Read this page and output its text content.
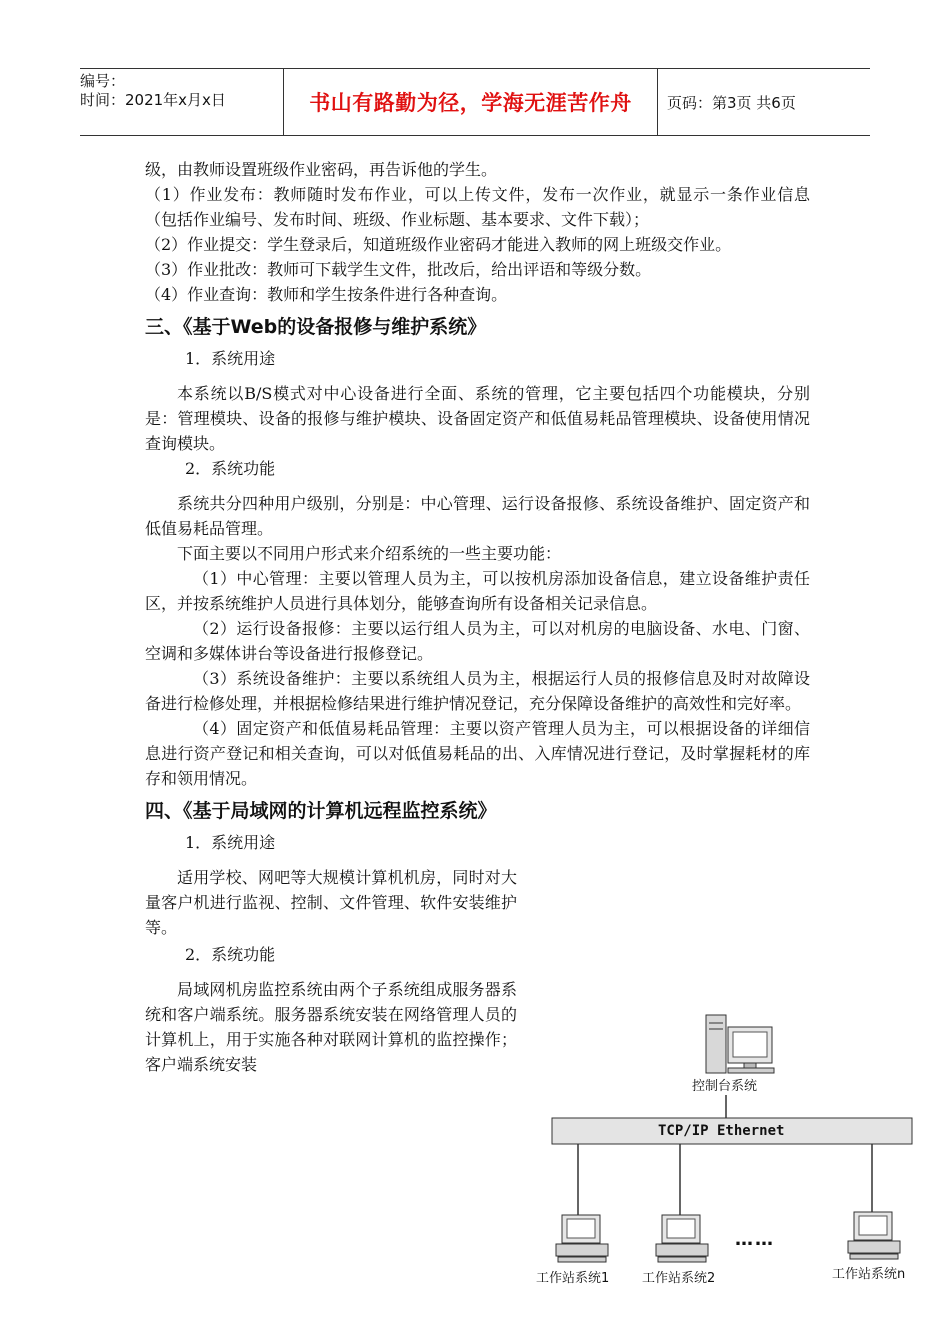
编号：
时间：2021年x月x日	书山有路勤为径，学海无涯苦作舟 页码：第3页 共6页

级，由教师设置班级作业密码，再告诉他的学生。

（1）作业发布：教师随时发布作业，可以上传文件，发布一次作业，就显示一条作业信息（包括作业编号、发布时间、班级、作业标题、基本要求、文件下载）；

（2）作业提交：学生登录后，知道班级作业密码才能进入教师的网上班级交作业。

（3）作业批改：教师可下载学生文件，批改后，给出评语和等级分数。

（4）作业查询：教师和学生按条件进行各种查询。

三、《基于Web的设备报修与维护系统》
1．系统用途

本系统以B/S模式对中心设备进行全面、系统的管理，它主要包括四个功能模块，分别是：管理模块、设备的报修与维护模块、设备固定资产和低值易耗品管理模块、设备使用情况查询模块。

2．系统功能

系统共分四种用户级别，分别是：中心管理、运行设备报修、系统设备维护、固定资产和低值易耗品管理。

下面主要以不同用户形式来介绍系统的一些主要功能：

（1）中心管理：主要以管理人员为主，可以按机房添加设备信息，建立设备维护责任区，并按系统维护人员进行具体划分，能够查询所有设备相关记录信息。

（2）运行设备报修：主要以运行组人员为主，可以对机房的电脑设备、水电、门窗、空调和多媒体讲台等设备进行报修登记。

（3）系统设备维护：主要以系统组人员为主，根据运行人员的报修信息及时对故障设备进行检修处理，并根据检修结果进行维护情况登记，充分保障设备维护的高效性和完好率。

（4）固定资产和低值易耗品管理：主要以资产管理人员为主，可以根据设备的详细信息进行资产登记和相关查询，可以对低值易耗品的出、入库情况进行登记，及时掌握耗材的库存和领用情况。

四、《基于局域网的计算机远程监控系统》
1．系统用途

适用学校、网吧等大规模计算机机房，同时对大量客户机进行监视、控制、文件管理、软件安装维护等。

2．系统功能

局域网机房监控系统由两个子系统组成服务器系统和客户端系统。服务器系统安装在网络管理人员的计算机上，用于实施各种对联网计算机的监控操作；客户端系统安装

控制台系统
TCP/IP Ethernet
工作站系统1	工作站系统2
……
工作站系统n
